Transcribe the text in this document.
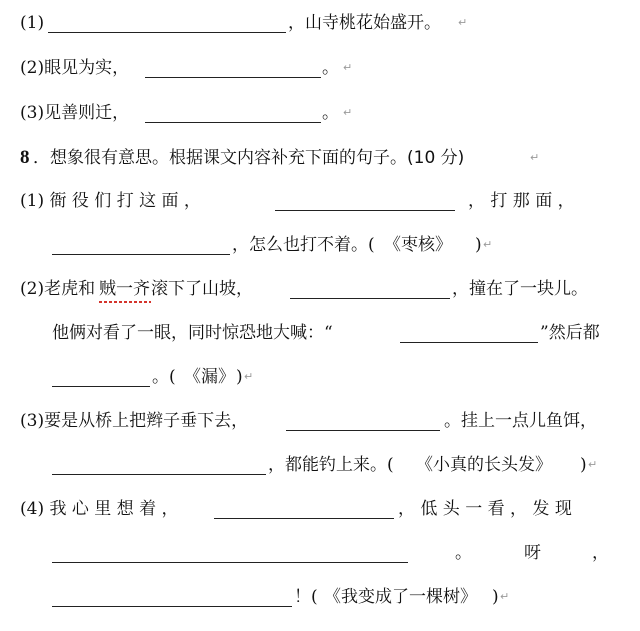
(1)	，山寺桃花始盛开。 ↵
(2)眼见为实，	。 ↵
(3)见善则迁，	。 ↵
8 ．想象很有意思。根据课文内容补充下面的句子。(10 分)	↵
(1) 衙 役 们 打 这 面 ，	， 打 那 面 ，
，怎么也打不着。( 《枣核》 ) ↵
(2)老虎和 贼一齐 滚下了山坡，	，撞在了一块儿。
他俩对看了一眼，同时惊恐地大喊：“	”然后都
。( 《漏》 ) ↵
(3)要是从桥上把辫子垂下去，	。挂上一点儿鱼饵，
，都能钓上来。( 《小真的长头发》 ) ↵
(4) 我 心 里 想 着 ，	， 低 头 一 看 ， 发 现
。	呀	，
！( 《我变成了一棵树》 ) ↵
